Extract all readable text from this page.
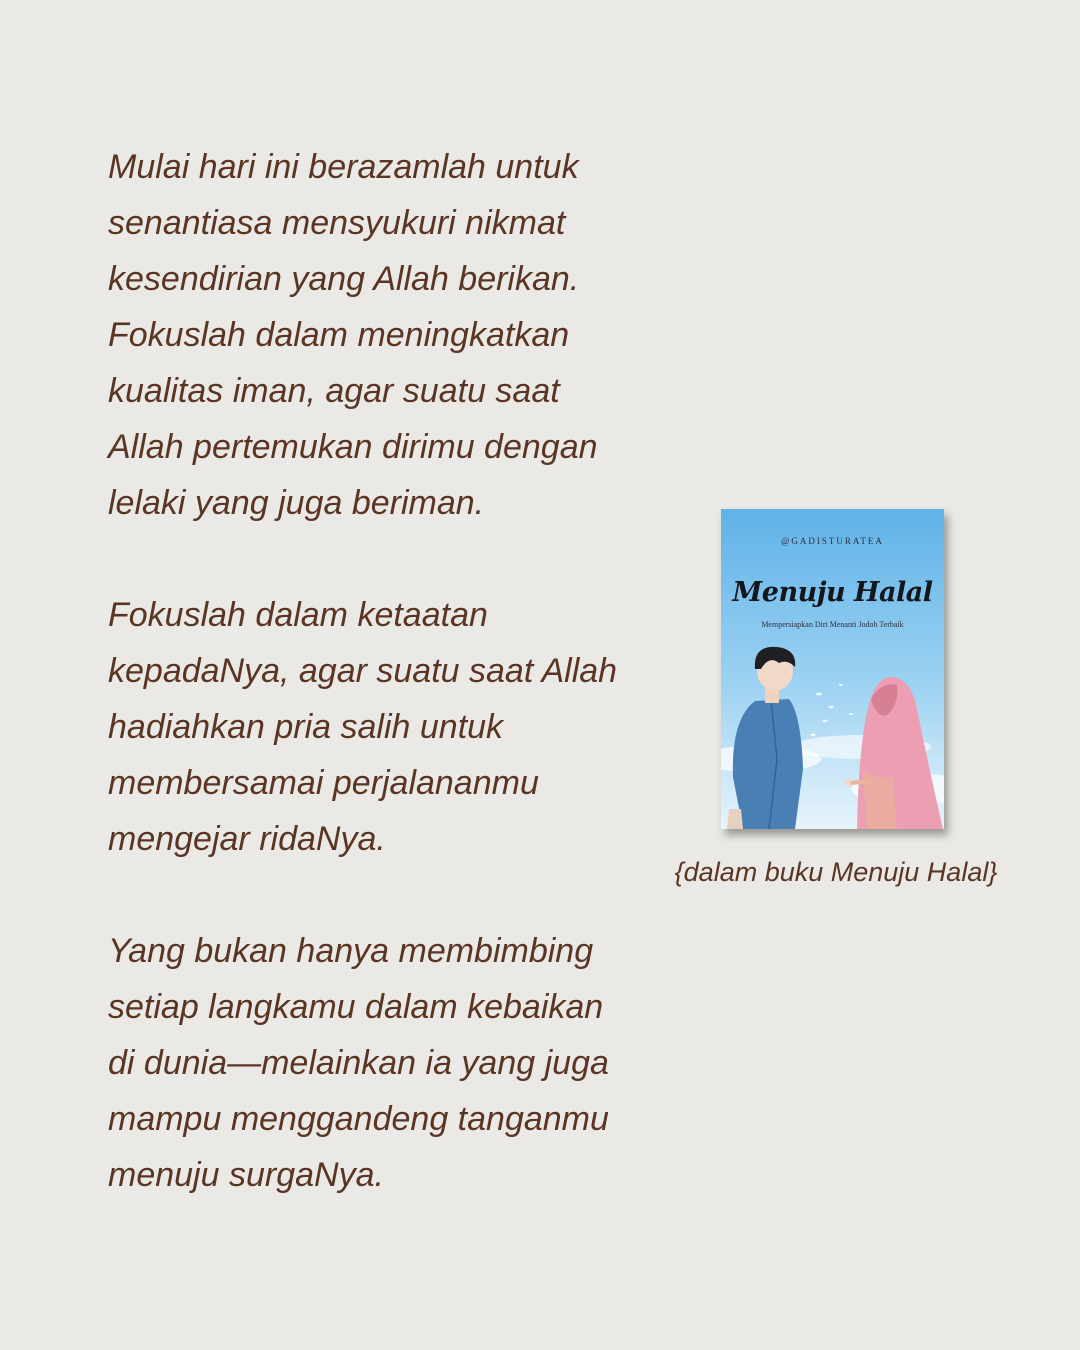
Mulai hari ini berazamlah untuk
senantiasa mensyukuri nikmat
kesendirian yang Allah berikan.
Fokuslah dalam meningkatkan
kualitas iman, agar suatu saat
Allah pertemukan dirimu dengan
lelaki yang juga beriman.
Fokuslah dalam ketaatan
kepadaNya, agar suatu saat Allah
hadiahkan pria salih untuk
membersamai perjalananmu
mengejar ridaNya.
Yang bukan hanya membimbing
setiap langkamu dalam kebaikan
di dunia—melainkan ia yang juga
mampu menggandeng tanganmu
menuju surgaNya.
@GADISTURATEA
Menuju Halal
Mempersiapkan Diri Menanti Jodoh Terbaik
{dalam buku Menuju Halal}
